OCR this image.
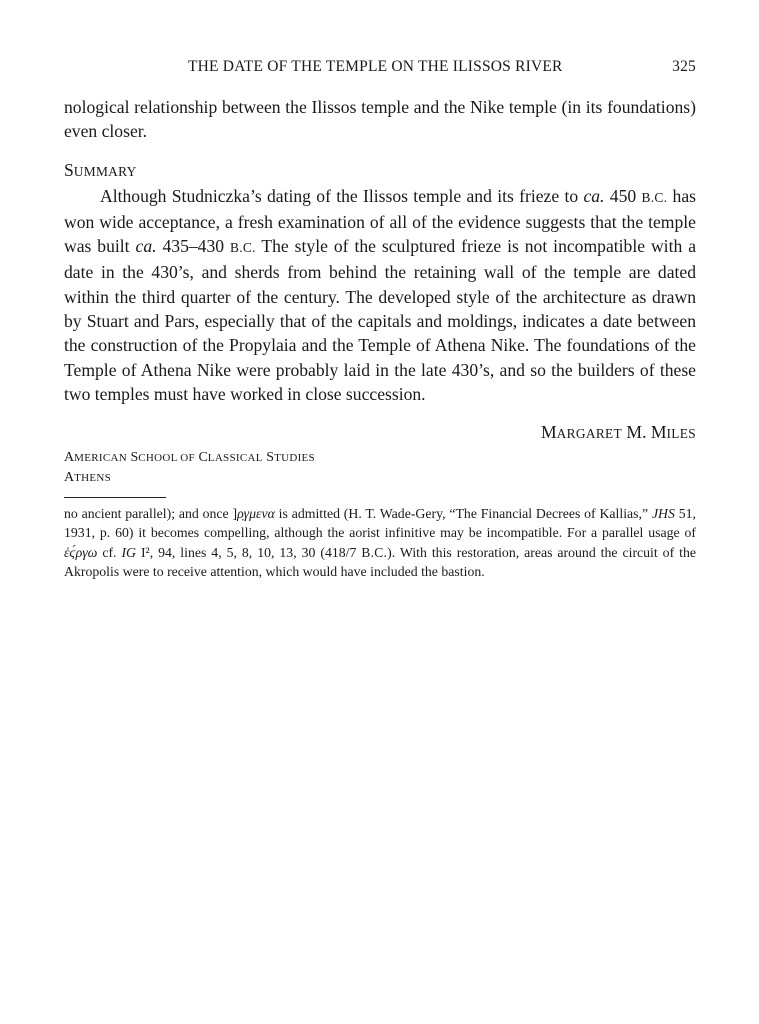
THE DATE OF THE TEMPLE ON THE ILISSOS RIVER	325

nological relationship between the Ilissos temple and the Nike temple (in its foundations) even closer.

SUMMARY

Although Studniczka’s dating of the Ilissos temple and its frieze to ca. 450 B.C. has won wide acceptance, a fresh examination of all of the evidence suggests that the temple was built ca. 435–430 B.C. The style of the sculptured frieze is not incompatible with a date in the 430’s, and sherds from behind the retaining wall of the temple are dated within the third quarter of the century. The developed style of the architecture as drawn by Stuart and Pars, especially that of the capitals and moldings, indicates a date between the construction of the Propylaia and the Temple of Athena Nike. The foundations of the Temple of Athena Nike were probably laid in the late 430’s, and so the builders of these two temples must have worked in close succession.

MARGARET M. MILES
AMERICAN SCHOOL OF CLASSICAL STUDIES
ATHENS

no ancient parallel); and once ]ρ̣γμενα is admitted (H. T. Wade-Gery, “The Financial Decrees of Kallias,” JHS 51, 1931, p. 60) it becomes compelling, although the aorist infinitive may be incompatible. For a parallel usage of ἑϛ́ργω cf. IG I², 94, lines 4, 5, 8, 10, 13, 30 (418/7 B.C.). With this restoration, areas around the circuit of the Akropolis were to receive attention, which would have included the bastion.
